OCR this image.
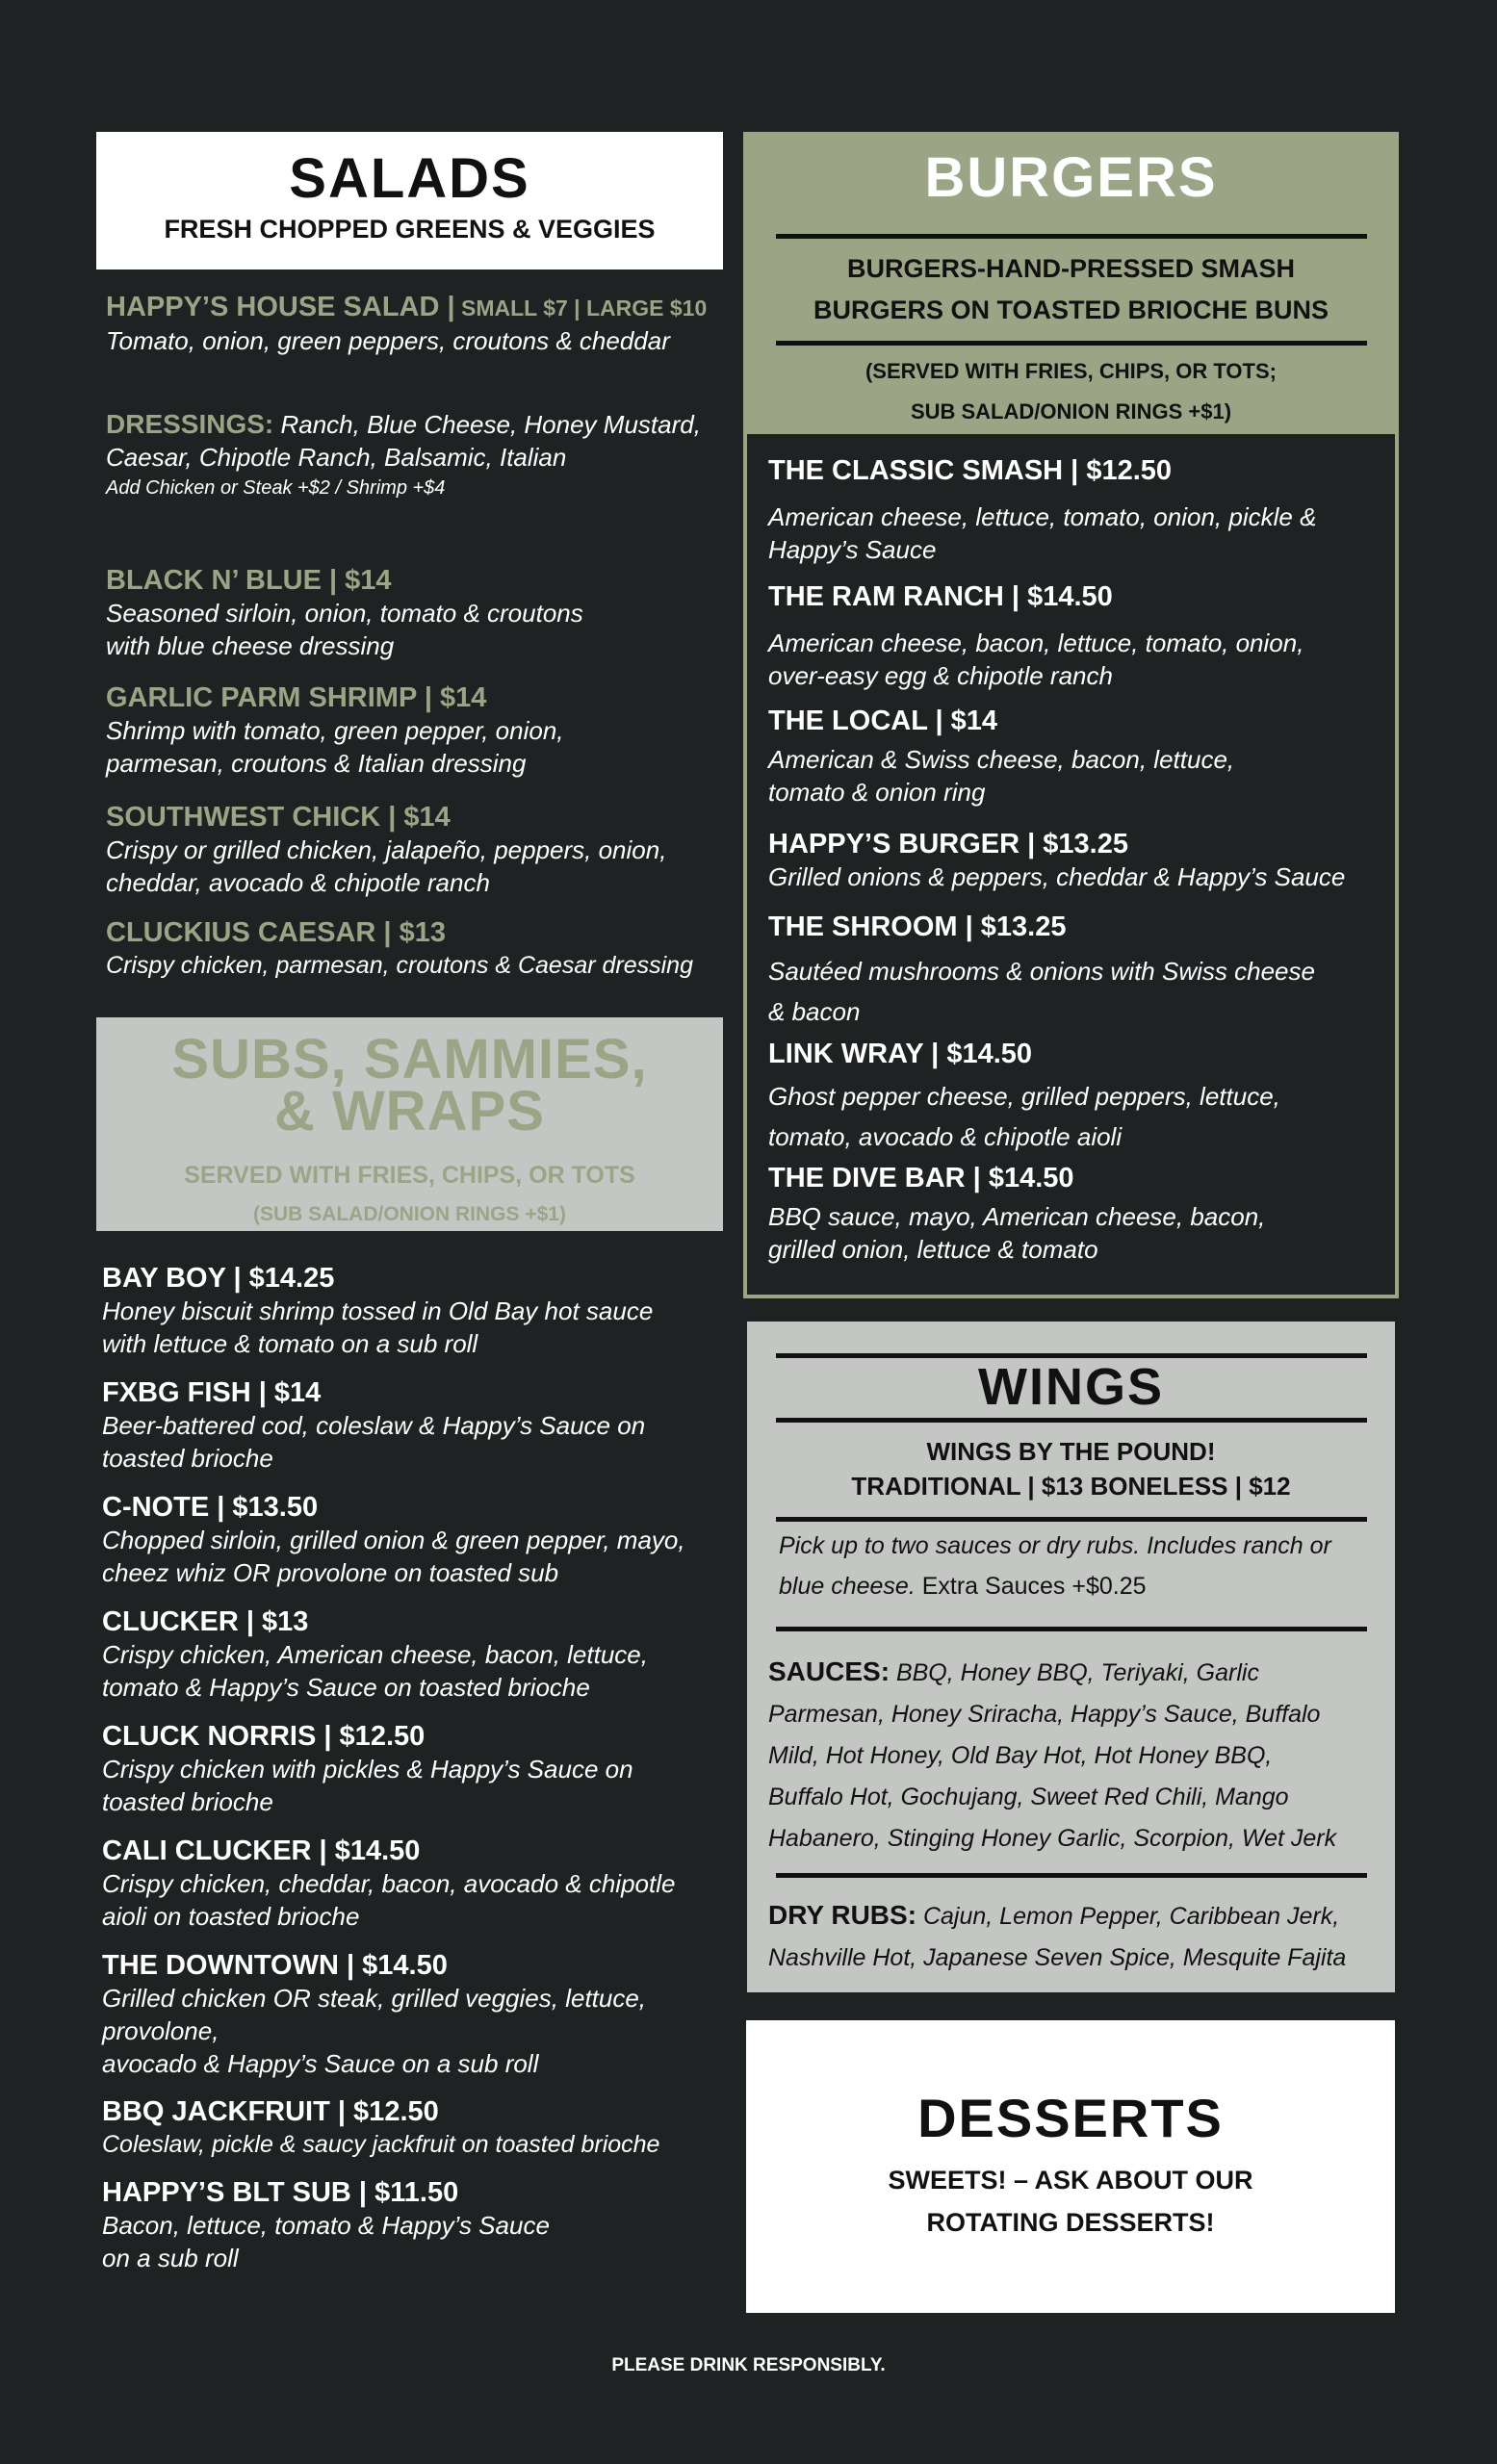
SALADS
FRESH CHOPPED GREENS & VEGGIES
HAPPY’S HOUSE SALAD | SMALL $7 | LARGE $10
Tomato, onion, green peppers, croutons & cheddar
DRESSINGS: Ranch, Blue Cheese, Honey Mustard,
Caesar, Chipotle Ranch, Balsamic, Italian
Add Chicken or Steak +$2 / Shrimp +$4
BLACK N’ BLUE | $14
Seasoned sirloin, onion, tomato & croutons
with blue cheese dressing
GARLIC PARM SHRIMP | $14
Shrimp with tomato, green pepper, onion,
parmesan, croutons & Italian dressing
SOUTHWEST CHICK | $14
Crispy or grilled chicken, jalapeño, peppers, onion,
cheddar, avocado & chipotle ranch
CLUCKIUS CAESAR | $13
Crispy chicken, parmesan, croutons & Caesar dressing
SUBS, SAMMIES,
& WRAPS
SERVED WITH FRIES, CHIPS, OR TOTS
(SUB SALAD/ONION RINGS +$1)
BAY BOY | $14.25
Honey biscuit shrimp tossed in Old Bay hot sauce
with lettuce & tomato on a sub roll
FXBG FISH | $14
Beer-battered cod, coleslaw & Happy’s Sauce on
toasted brioche
C-NOTE | $13.50
Chopped sirloin, grilled onion & green pepper, mayo,
cheez whiz OR provolone on toasted sub
CLUCKER | $13
Crispy chicken, American cheese, bacon, lettuce,
tomato & Happy’s Sauce on toasted brioche
CLUCK NORRIS | $12.50
Crispy chicken with pickles & Happy’s Sauce on
toasted brioche
CALI CLUCKER | $14.50
Crispy chicken, cheddar, bacon, avocado & chipotle
aioli on toasted brioche
THE DOWNTOWN | $14.50
Grilled chicken OR steak, grilled veggies, lettuce,
provolone,
avocado & Happy’s Sauce on a sub roll
BBQ JACKFRUIT | $12.50
Coleslaw, pickle & saucy jackfruit on toasted brioche
HAPPY’S BLT SUB | $11.50
Bacon, lettuce, tomato & Happy’s Sauce
on a sub roll
BURGERS
BURGERS-HAND-PRESSED SMASH
BURGERS ON TOASTED BRIOCHE BUNS
(SERVED WITH FRIES, CHIPS, OR TOTS;
SUB SALAD/ONION RINGS +$1)
THE CLASSIC SMASH | $12.50
American cheese, lettuce, tomato, onion, pickle &
Happy’s Sauce
THE RAM RANCH | $14.50
American cheese, bacon, lettuce, tomato, onion,
over-easy egg & chipotle ranch
THE LOCAL | $14
American & Swiss cheese, bacon, lettuce,
tomato & onion ring
HAPPY’S BURGER | $13.25
Grilled onions & peppers, cheddar & Happy’s Sauce
THE SHROOM | $13.25
Sautéed mushrooms & onions with Swiss cheese
& bacon
LINK WRAY | $14.50
Ghost pepper cheese, grilled peppers, lettuce,
tomato, avocado & chipotle aioli
THE DIVE BAR | $14.50
BBQ sauce, mayo, American cheese, bacon,
grilled onion, lettuce & tomato
WINGS
WINGS BY THE POUND!
TRADITIONAL | $13 BONELESS | $12
Pick up to two sauces or dry rubs. Includes ranch or
blue cheese. Extra Sauces +$0.25
SAUCES: BBQ, Honey BBQ, Teriyaki, Garlic
Parmesan, Honey Sriracha, Happy’s Sauce, Buffalo
Mild, Hot Honey, Old Bay Hot, Hot Honey BBQ,
Buffalo Hot, Gochujang, Sweet Red Chili, Mango
Habanero, Stinging Honey Garlic, Scorpion, Wet Jerk
DRY RUBS: Cajun, Lemon Pepper, Caribbean Jerk,
Nashville Hot, Japanese Seven Spice, Mesquite Fajita
DESSERTS
SWEETS! – ASK ABOUT OUR
ROTATING DESSERTS!
PLEASE DRINK RESPONSIBLY.
